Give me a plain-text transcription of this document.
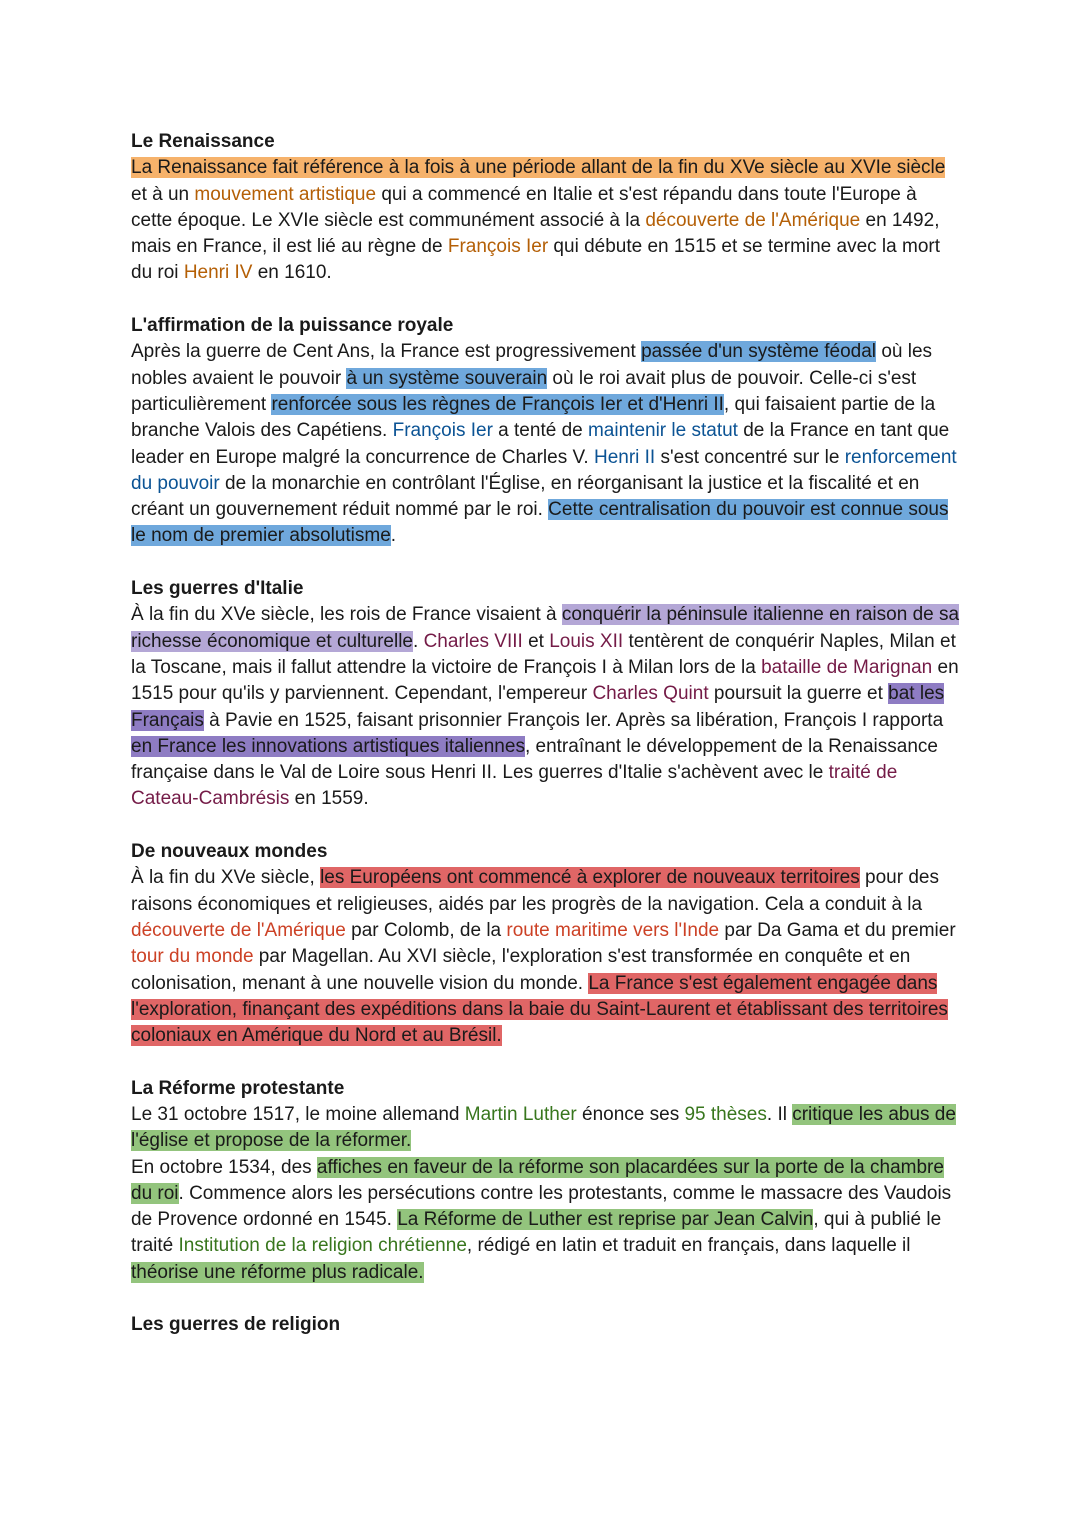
Le Renaissance

La Renaissance fait référence à la fois à une période allant de la fin du XVe siècle au XVIe siècle et à un mouvement artistique qui a commencé en Italie et s'est répandu dans toute l'Europe à cette époque. Le XVIe siècle est communément associé à la découverte de l'Amérique en 1492, mais en France, il est lié au règne de François Ier qui débute en 1515 et se termine avec la mort du roi Henri IV en 1610.

L'affirmation de la puissance royale

Après la guerre de Cent Ans, la France est progressivement passée d'un système féodal où les nobles avaient le pouvoir à un système souverain où le roi avait plus de pouvoir. Celle-ci s'est particulièrement renforcée sous les règnes de François Ier et d'Henri II, qui faisaient partie de la branche Valois des Capétiens. François Ier a tenté de maintenir le statut de la France en tant que leader en Europe malgré la concurrence de Charles V. Henri II s'est concentré sur le renforcement du pouvoir de la monarchie en contrôlant l'Église, en réorganisant la justice et la fiscalité et en créant un gouvernement réduit nommé par le roi. Cette centralisation du pouvoir est connue sous le nom de premier absolutisme.

Les guerres d'Italie

À la fin du XVe siècle, les rois de France visaient à conquérir la péninsule italienne en raison de sa richesse économique et culturelle. Charles VIII et Louis XII tentèrent de conquérir Naples, Milan et la Toscane, mais il fallut attendre la victoire de François I à Milan lors de la bataille de Marignan en 1515 pour qu'ils y parviennent. Cependant, l'empereur Charles Quint poursuit la guerre et bat les Français à Pavie en 1525, faisant prisonnier François Ier. Après sa libération, François I rapporta en France les innovations artistiques italiennes, entraînant le développement de la Renaissance française dans le Val de Loire sous Henri II. Les guerres d'Italie s'achèvent avec le traité de Cateau-Cambrésis en 1559.

De nouveaux mondes

À la fin du XVe siècle, les Européens ont commencé à explorer de nouveaux territoires pour des raisons économiques et religieuses, aidés par les progrès de la navigation. Cela a conduit à la découverte de l'Amérique par Colomb, de la route maritime vers l'Inde par Da Gama et du premier tour du monde par Magellan. Au XVI siècle, l'exploration s'est transformée en conquête et en colonisation, menant à une nouvelle vision du monde. La France s'est également engagée dans l'exploration, finançant des expéditions dans la baie du Saint-Laurent et établissant des territoires coloniaux en Amérique du Nord et au Brésil.

La Réforme protestante

Le 31 octobre 1517, le moine allemand Martin Luther énonce ses 95 thèses. Il critique les abus de l'église et propose de la réformer.

En octobre 1534, des affiches en faveur de la réforme son placardées sur la porte de la chambre du roi. Commence alors les persécutions contre les protestants, comme le massacre des Vaudois de Provence ordonné en 1545. La Réforme de Luther est reprise par Jean Calvin, qui à publié le traité Institution de la religion chrétienne, rédigé en latin et traduit en français, dans laquelle il théorise une réforme plus radicale.

Les guerres de religion
